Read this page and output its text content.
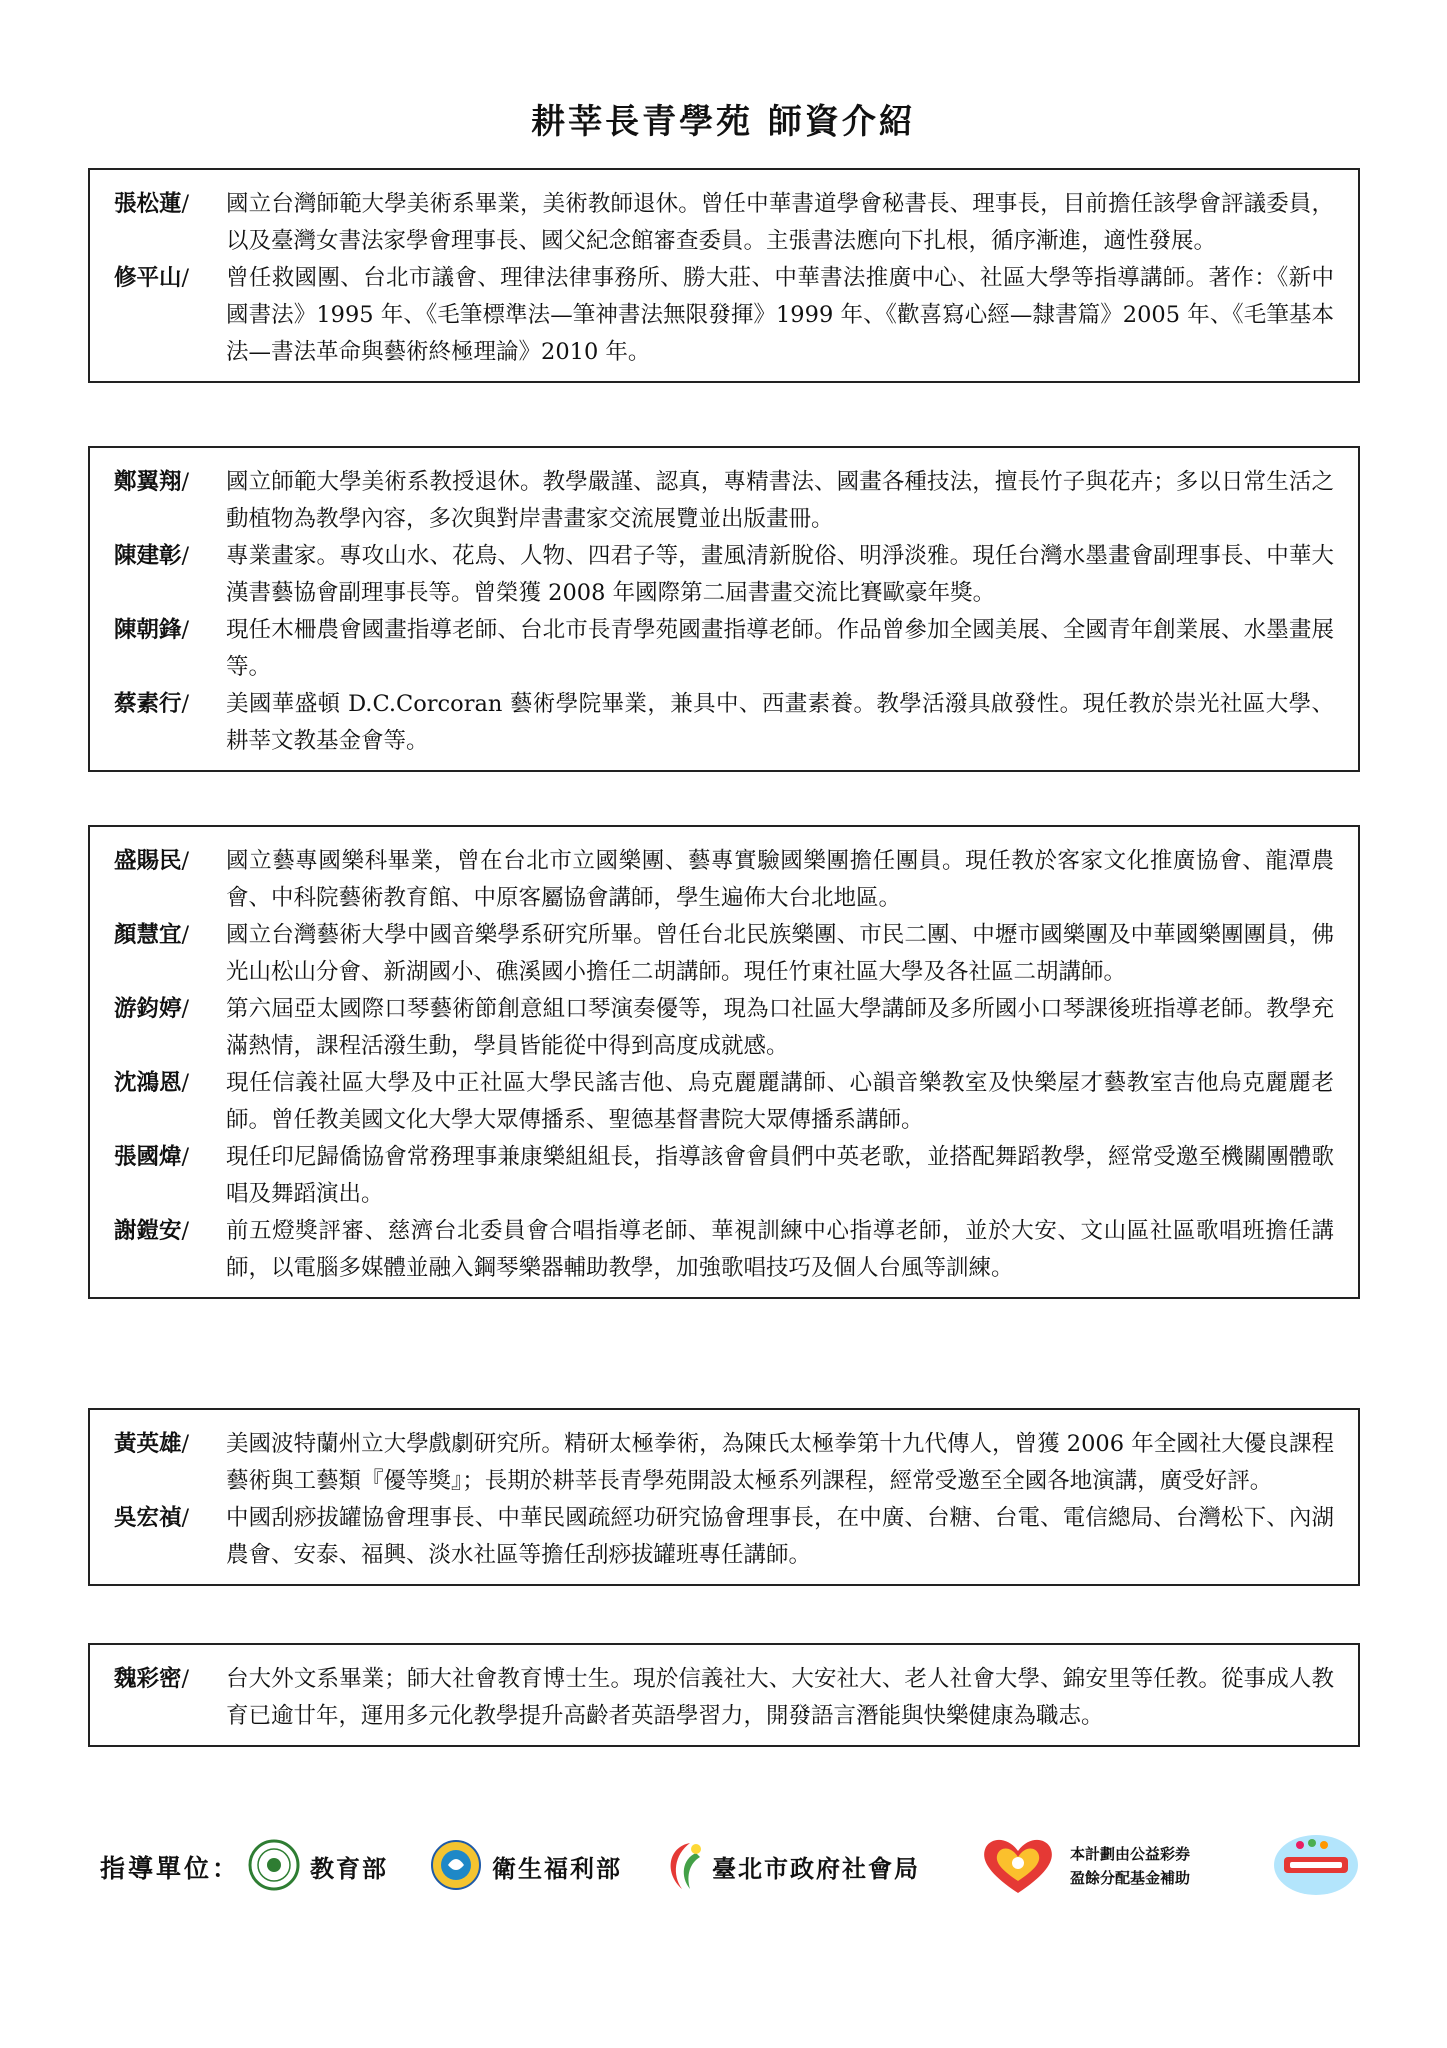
耕莘長青學苑 師資介紹
張松蓮/ 國立台灣師範大學美術系畢業，美術教師退休。曾任中華書道學會秘書長、理事長，目前擔任該學會評議委員，以及臺灣女書法家學會理事長、國父紀念館審查委員。主張書法應向下扎根，循序漸進，適性發展。
修平山/ 曾任救國團、台北市議會、理律法律事務所、勝大莊、中華書法推廣中心、社區大學等指導講師。著作：《新中國書法》1995 年、《毛筆標準法—筆神書法無限發揮》1999 年、《歡喜寫心經—隸書篇》2005 年、《毛筆基本法—書法革命與藝術終極理論》2010 年。
鄭翼翔/ 國立師範大學美術系教授退休。教學嚴謹、認真，專精書法、國畫各種技法，擅長竹子與花卉；多以日常生活之動植物為教學內容，多次與對岸書畫家交流展覽並出版畫冊。
陳建彰/ 專業畫家。專攻山水、花鳥、人物、四君子等，畫風清新脫俗、明淨淡雅。現任台灣水墨畫會副理事長、中華大漢書藝協會副理事長等。曾榮獲 2008 年國際第二屆書畫交流比賽歐豪年獎。
陳朝鋒/ 現任木柵農會國畫指導老師、台北市長青學苑國畫指導老師。作品曾參加全國美展、全國青年創業展、水墨畫展等。
蔡素行/ 美國華盛頓 D.C.Corcoran 藝術學院畢業，兼具中、西畫素養。教學活潑具啟發性。現任教於崇光社區大學、耕莘文教基金會等。
盛賜民/ 國立藝專國樂科畢業，曾在台北市立國樂團、藝專實驗國樂團擔任團員。現任教於客家文化推廣協會、龍潭農會、中科院藝術教育館、中原客屬協會講師，學生遍佈大台北地區。
顏慧宜/ 國立台灣藝術大學中國音樂學系研究所畢。曾任台北民族樂團、市民二團、中壢市國樂團及中華國樂團團員，佛光山松山分會、新湖國小、礁溪國小擔任二胡講師。現任竹東社區大學及各社區二胡講師。
游鈞婷/ 第六屆亞太國際口琴藝術節創意組口琴演奏優等，現為口社區大學講師及多所國小口琴課後班指導老師。教學充滿熱情，課程活潑生動，學員皆能從中得到高度成就感。
沈鴻恩/ 現任信義社區大學及中正社區大學民謠吉他、烏克麗麗講師、心韻音樂教室及快樂屋才藝教室吉他烏克麗麗老師。曾任教美國文化大學大眾傳播系、聖德基督書院大眾傳播系講師。
張國煒/ 現任印尼歸僑協會常務理事兼康樂組組長，指導該會會員們中英老歌，並搭配舞蹈教學，經常受邀至機關團體歌唱及舞蹈演出。
謝鎧安/ 前五燈獎評審、慈濟台北委員會合唱指導老師、華視訓練中心指導老師，並於大安、文山區社區歌唱班擔任講師，以電腦多媒體並融入鋼琴樂器輔助教學，加強歌唱技巧及個人台風等訓練。
黃英雄/ 美國波特蘭州立大學戲劇研究所。精研太極拳術，為陳氏太極拳第十九代傳人，曾獲 2006 年全國社大優良課程藝術與工藝類『優等獎』；長期於耕莘長青學苑開設太極系列課程，經常受邀至全國各地演講，廣受好評。
吳宏禎/ 中國刮痧拔罐協會理事長、中華民國疏經功研究協會理事長，在中廣、台糖、台電、電信總局、台灣松下、內湖農會、安泰、福興、淡水社區等擔任刮痧拔罐班專任講師。
魏彩密/ 台大外文系畢業；師大社會教育博士生。現於信義社大、大安社大、老人社會大學、錦安里等任教。從事成人教育已逾廿年，運用多元化教學提升高齡者英語學習力，開發語言潛能與快樂健康為職志。
指導單位：	教育部	衛生福利部	臺北市政府社會局
本計劃由公益彩券
盈餘分配基金補助
